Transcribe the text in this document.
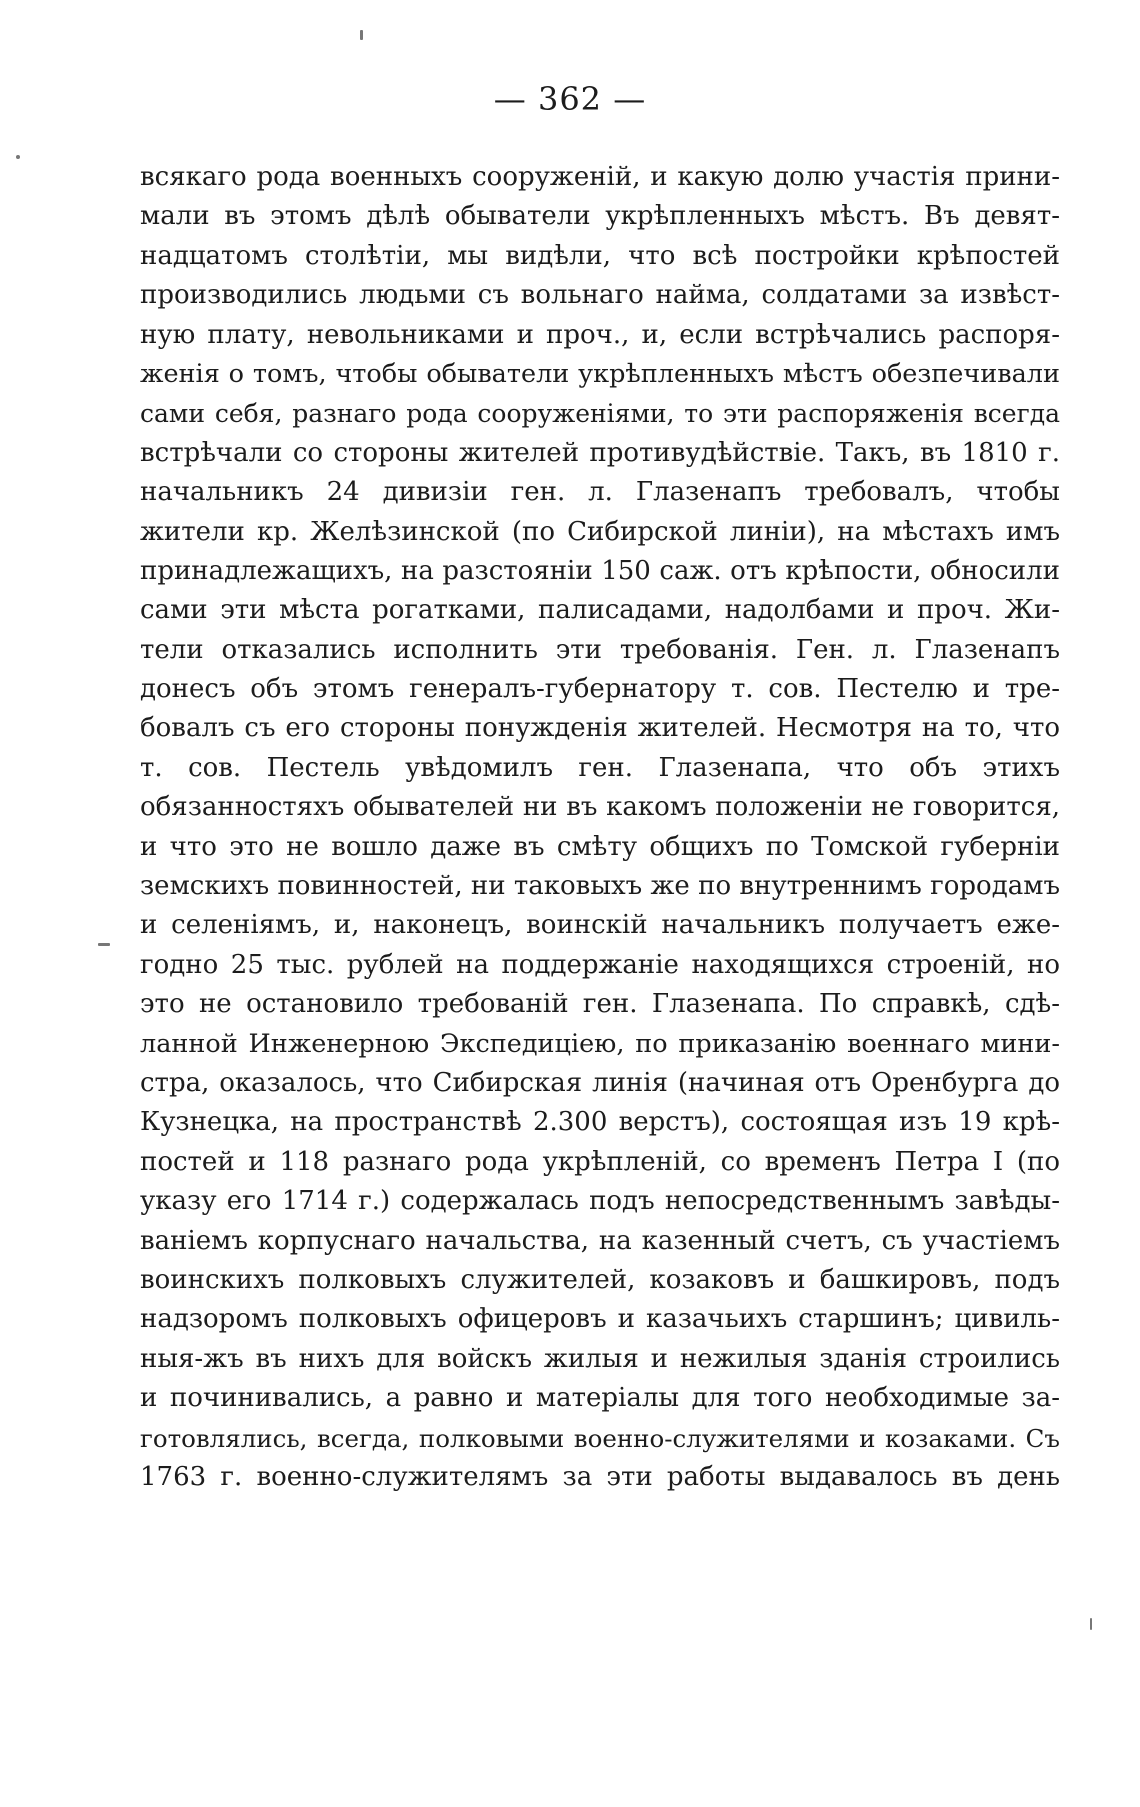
— 362 —
всякаго рода военныхъ сооруженій, и какую долю участія прини-
мали въ этомъ дѣлѣ обыватели укрѣпленныхъ мѣстъ. Въ девят-
надцатомъ столѣтіи, мы видѣли, что всѣ постройки крѣпостей
производились людьми съ вольнаго найма, солдатами за извѣст-
ную плату, невольниками и проч., и, если встрѣчались распоря-
женія о томъ, чтобы обыватели укрѣпленныхъ мѣстъ обезпечивали
сами себя, разнаго рода сооруженіями, то эти распоряженія всегда
встрѣчали со стороны жителей противудѣйствіе. Такъ, въ 1810 г.
начальникъ 24 дивизіи ген. л. Глазенапъ требовалъ, чтобы
жители кр. Желѣзинской (по Сибирской линіи), на мѣстахъ имъ
принадлежащихъ, на разстояніи 150 саж. отъ крѣпости, обносили
сами эти мѣста рогатками, палисадами, надолбами и проч. Жи-
тели отказались исполнить эти требованія. Ген. л. Глазенапъ
донесъ объ этомъ генералъ-губернатору т. сов. Пестелю и тре-
бовалъ съ его стороны понужденія жителей. Несмотря на то, что
т. сов. Пестель увѣдомилъ ген. Глазенапа, что объ этихъ
обязанностяхъ обывателей ни въ какомъ положеніи не говорится,
и что это не вошло даже въ смѣту общихъ по Томской губерніи
земскихъ повинностей, ни таковыхъ же по внутреннимъ городамъ
и селеніямъ, и, наконецъ, воинскій начальникъ получаетъ еже-
годно 25 тыс. рублей на поддержаніе находящихся строеній, но
это не остановило требованій ген. Глазенапа. По справкѣ, сдѣ-
ланной Инженерною Экспедиціею, по приказанію военнаго мини-
стра, оказалось, что Сибирская линія (начиная отъ Оренбурга до
Кузнецка, на пространствѣ 2.300 верстъ), состоящая изъ 19 крѣ-
постей и 118 разнаго рода укрѣпленій, со временъ Петра I (по
указу его 1714 г.) содержалась подъ непосредственнымъ завѣды-
ваніемъ корпуснаго начальства, на казенный счетъ, съ участіемъ
воинскихъ полковыхъ служителей, козаковъ и башкировъ, подъ
надзоромъ полковыхъ офицеровъ и казачьихъ старшинъ; цивиль-
ныя-жъ въ нихъ для войскъ жилыя и нежилыя зданія строились
и починивались, а равно и матеріалы для того необходимые за-
готовлялись, всегда, полковыми военно-служителями и козаками. Съ
1763 г. военно-служителямъ за эти работы выдавалось въ день
